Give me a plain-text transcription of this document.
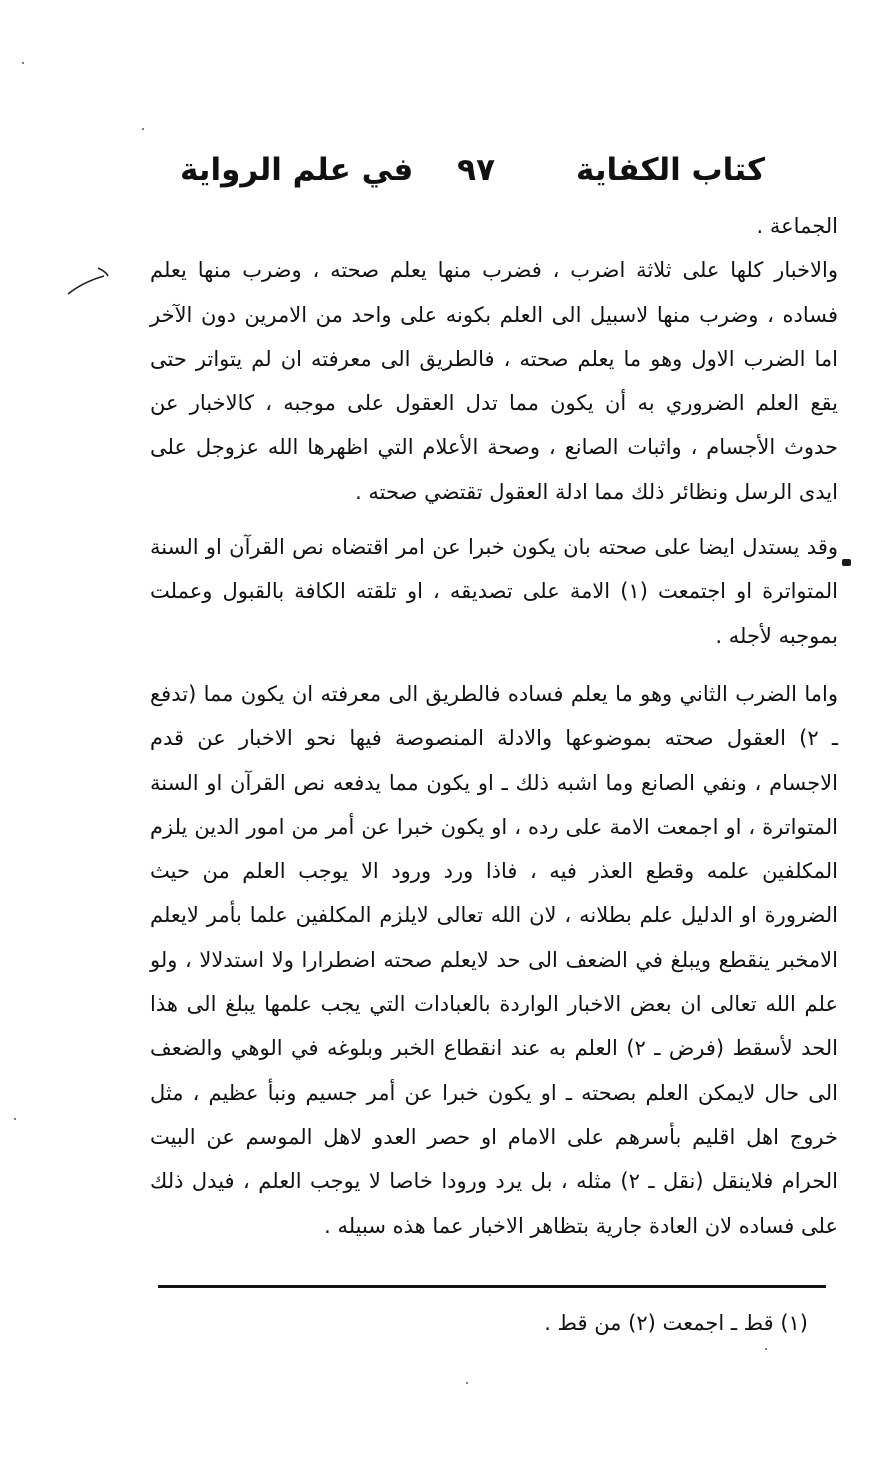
كتاب الكفاية
٩٧
في علم الرواية

الجماعة .

والاخبار كلها على ثلاثة اضرب ، فضرب منها يعلم صحته ، وضرب منها يعلم فساده ، وضرب منها لاسبيل الى العلم بكونه على واحد من الامرين دون الآخر اما الضرب الاول وهو ما يعلم صحته ، فالطريق الى معرفته ان لم يتواتر حتى يقع العلم الضروري به أن يكون مما تدل العقول على موجبه ، كالاخبار عن حدوث الأجسام ، واثبات الصانع ، وصحة الأعلام التي اظهرها الله عزوجل على ايدى الرسل ونظائر ذلك مما ادلة العقول تقتضي صحته .

وقد يستدل ايضا على صحته بان يكون خبرا عن امر اقتضاه نص القرآن او السنة المتواترة او اجتمعت (١) الامة على تصديقه ، او تلقته الكافة بالقبول وعملت بموجبه لأجله .

واما الضرب الثاني وهو ما يعلم فساده فالطريق الى معرفته ان يكون مما (تدفع ـ ٢) العقول صحته بموضوعها والادلة المنصوصة فيها نحو الاخبار عن قدم الاجسام ، ونفي الصانع وما اشبه ذلك ـ او يكون مما يدفعه نص القرآن او السنة المتواترة ، او اجمعت الامة على رده ، او يكون خبرا عن أمر من امور الدين يلزم المكلفين علمه وقطع العذر فيه ، فاذا ورد ورود الا يوجب العلم من حيث الضرورة او الدليل علم بطلانه ، لان الله تعالى لايلزم المكلفين علما بأمر لايعلم الامخبر ينقطع ويبلغ في الضعف الى حد لايعلم صحته اضطرارا ولا استدلالا ، ولو علم الله تعالى ان بعض الاخبار الواردة بالعبادات التي يجب علمها يبلغ الى هذا الحد لأسقط (فرض ـ ٢) العلم به عند انقطاع الخبر وبلوغه في الوهي والضعف الى حال لايمكن العلم بصحته ـ او يكون خبرا عن أمر جسيم ونبأ عظيم ، مثل خروج اهل اقليم بأسرهم على الامام او حصر العدو لاهل الموسم عن البيت الحرام فلاينقل (نقل ـ ٢) مثله ، بل يرد ورودا خاصا لا يوجب العلم ، فيدل ذلك على فساده لان العادة جارية بتظاهر الاخبار عما هذه سبيله .

(١) قط ـ اجمعت (٢) من قط .
